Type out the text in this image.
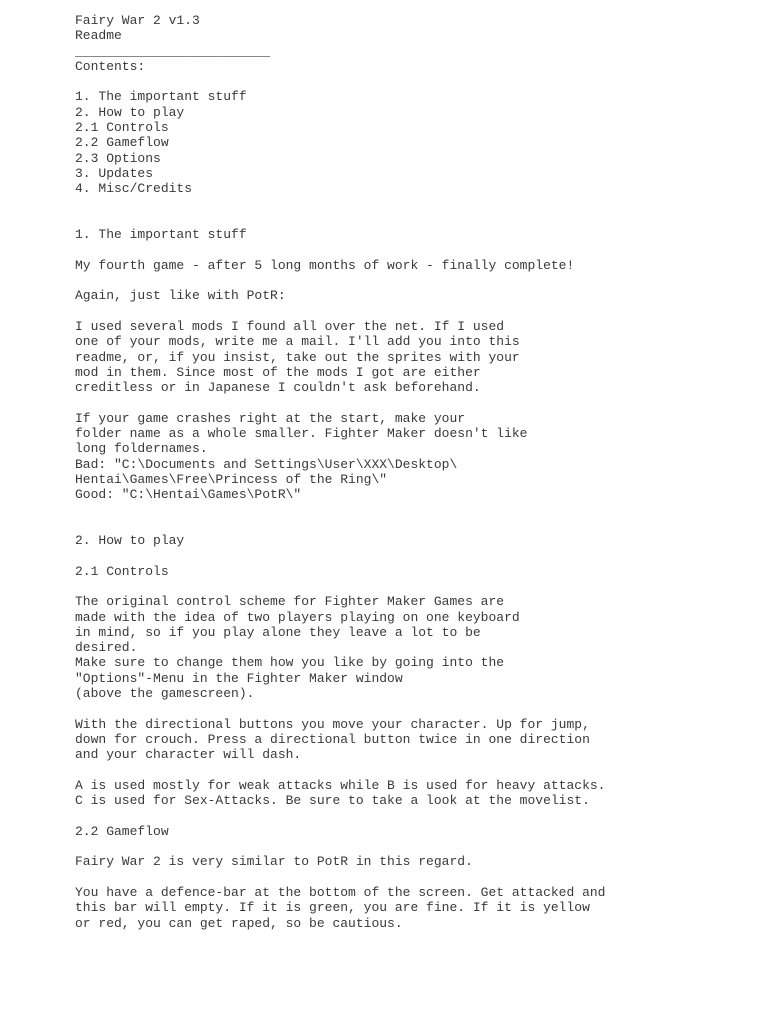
Fairy War 2 v1.3
Readme
_________________________
Contents:
1. The important stuff
2. How to play
2.1 Controls
2.2 Gameflow
2.3 Options
3. Updates
4. Misc/Credits
1. The important stuff
My fourth game - after 5 long months of work - finally complete!
Again, just like with PotR:
I used several mods I found all over the net. If I used
one of your mods, write me a mail. I'll add you into this
readme, or, if you insist, take out the sprites with your
mod in them. Since most of the mods I got are either
creditless or in Japanese I couldn't ask beforehand.
If your game crashes right at the start, make your
folder name as a whole smaller. Fighter Maker doesn't like
long foldernames.
Bad: "C:\Documents and Settings\User\XXX\Desktop\
Hentai\Games\Free\Princess of the Ring\"
Good: "C:\Hentai\Games\PotR\"
2. How to play
2.1 Controls
The original control scheme for Fighter Maker Games are
made with the idea of two players playing on one keyboard
in mind, so if you play alone they leave a lot to be
desired.
Make sure to change them how you like by going into the
"Options"-Menu in the Fighter Maker window
(above the gamescreen).
With the directional buttons you move your character. Up for jump,
down for crouch. Press a directional button twice in one direction
and your character will dash.
A is used mostly for weak attacks while B is used for heavy attacks.
C is used for Sex-Attacks. Be sure to take a look at the movelist.
2.2 Gameflow
Fairy War 2 is very similar to PotR in this regard.
You have a defence-bar at the bottom of the screen. Get attacked and
this bar will empty. If it is green, you are fine. If it is yellow
or red, you can get raped, so be cautious.
